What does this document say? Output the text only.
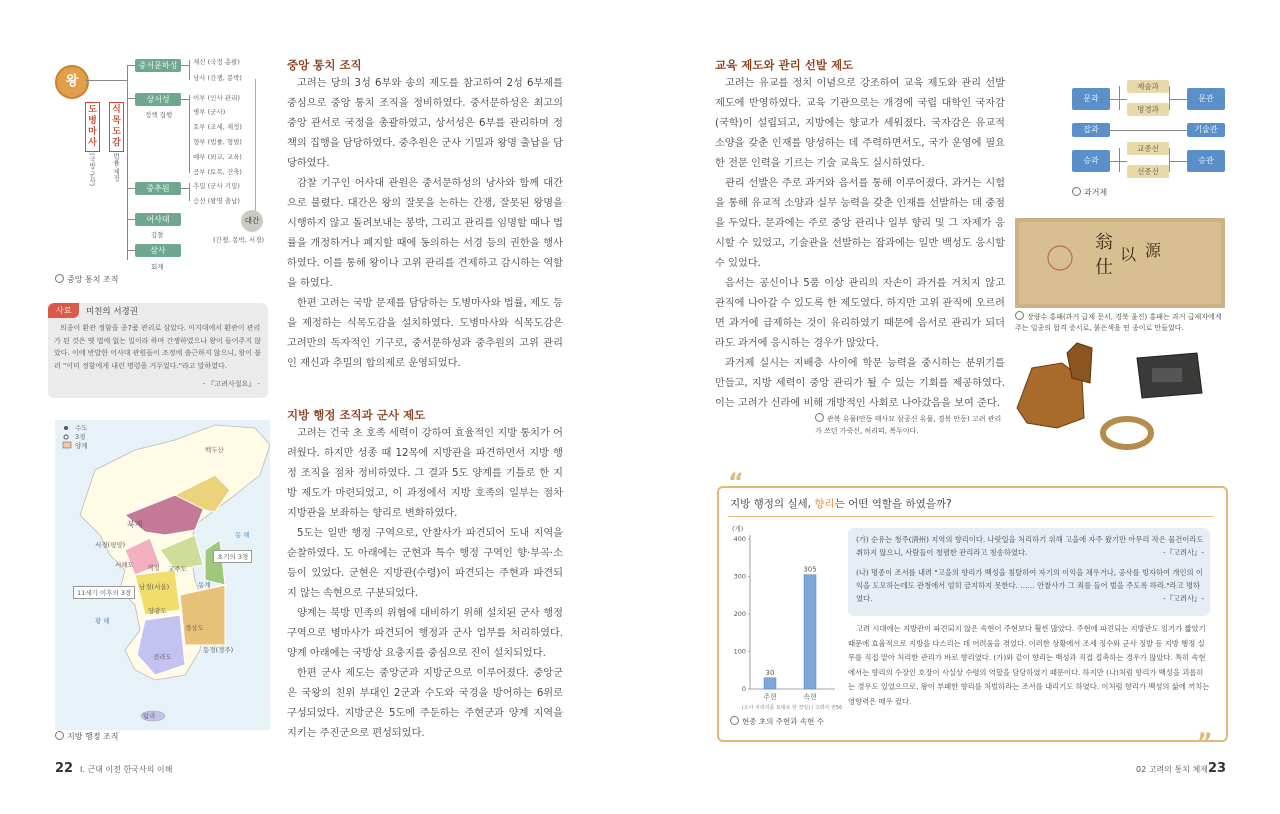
왕
도병마사
식목도감
(국방·군사) 법률·제정
중서문하성
상서성
정책 집행
중추원
어사대
감찰
삼사
회계
재신 (국정 총괄)
낭사 (간쟁, 봉박)
이부 (인사 관리)
병부 (군사)
호부 (조세, 재정)
형부 (법률, 형벌)
예부 (외교, 교육)
공부 (토목, 건축)
추밀 (군사 기밀)
승선 (왕명 출납)
대간
(간쟁, 봉박, 서경)
중앙 통치 조직
사료	미친의 서경권
의종이 환관 정함을 종7품 관리로 삼았다. 이지대에서 환관이 관리가 된 것은 옛 법에 없는 일이라 하며 간쟁하였으나 왕이 들어주지 않았다. 이에 반발한 어사대 관원들이 조정에 출근하지 않으니, 왕이 불러 "이미 정함에게 내린 명령을 거두었다."라고 말하였다.
- 『고려사절요』 -
수도
3경
양계	백두산
북계
동 해
서경(평양)
초기의 3경
서해도 개경 교주도
동계
11세기 이후의 3경
남경(서울)
황 해
양광도
경상도
동경(경주)
전라도
탐라
지방 행정 조직
중앙 통치 조직

고려는 당의 3성 6부와 송의 제도를 참고하여 2성 6부제를 중심으로 중앙 통치 조직을 정비하였다. 중서문하성은 최고의 중앙 관서로 국정을 총괄하였고, 상서성은 6부를 관리하며 정책의 집행을 담당하였다. 중추원은 군사 기밀과 왕명 출납을 담당하였다.

감찰 기구인 어사대 관원은 중서문하성의 낭사와 함께 대간으로 불렸다. 대간은 왕의 잘못을 논하는 간쟁, 잘못된 왕명을 시행하지 않고 돌려보내는 봉박, 그리고 관리를 임명할 때나 법률을 개정하거나 폐지할 때에 동의하는 서경 등의 권한을 행사하였다. 이를 통해 왕이나 고위 관리를 견제하고 감시하는 역할을 하였다.

한편 고려는 국방 문제를 담당하는 도병마사와 법률, 제도 등을 제정하는 식목도감을 설치하였다. 도병마사와 식목도감은 고려만의 독자적인 기구로, 중서문하성과 중추원의 고위 관리인 재신과 추밀의 합의제로 운영되었다.

지방 행정 조직과 군사 제도

고려는 건국 초 호족 세력이 강하여 효율적인 지방 통치가 어려웠다. 하지만 성종 때 12목에 지방관을 파견하면서 지방 행정 조직을 점차 정비하였다. 그 결과 5도 양계를 기틀로 한 지방 제도가 마련되었고, 이 과정에서 지방 호족의 일부는 점차 지방관을 보좌하는 향리로 변화하였다.

5도는 일반 행정 구역으로, 안찰사가 파견되어 도내 지역을 순찰하였다. 도 아래에는 군현과 특수 행정 구역인 향·부곡·소 등이 있었다. 군현은 지방관(수령)이 파견되는 주현과 파견되지 않는 속현으로 구분되었다.

양계는 북방 민족의 위협에 대비하기 위해 설치된 군사 행정 구역으로 병마사가 파견되어 행정과 군사 업무를 처리하였다. 양계 아래에는 국방상 요충지를 중심으로 진이 설치되었다.

한편 군사 제도는 중앙군과 지방군으로 이루어졌다. 중앙군은 국왕의 친위 부대인 2군과 수도와 국경을 방어하는 6위로 구성되었다. 지방군은 5도에 주둔하는 주현군과 양계 지역을 지키는 주진군으로 편성되었다.

22 I. 근대 이전 한국사의 이해
교육 제도와 관리 선발 제도

고려는 유교를 정치 이념으로 강조하여 교육 제도와 관리 선발 제도에 반영하였다. 교육 기관으로는 개경에 국립 대학인 국자감(국학)이 설립되고, 지방에는 향교가 세워졌다. 국자감은 유교적 소양을 갖춘 인재를 양성하는 데 주력하면서도, 국가 운영에 필요한 전문 인력을 기르는 기술 교육도 실시하였다.

관리 선발은 주로 과거와 음서를 통해 이루어졌다. 과거는 시험을 통해 유교적 소양과 실무 능력을 갖춘 인재를 선발하는 데 중점을 두었다. 문과에는 주로 중앙 관리나 일부 향리 및 그 자제가 응시할 수 있었고, 기술관을 선발하는 잡과에는 일반 백성도 응시할 수 있었다.

음서는 공신이나 5품 이상 관리의 자손이 과거를 거치지 않고 관직에 나아갈 수 있도록 한 제도였다. 하지만 고위 관직에 오르려면 과거에 급제하는 것이 유리하였기 때문에 음서로 관리가 되더라도 과거에 응시하는 경우가 많았다.

과거제 실시는 지배층 사이에 학문 능력을 중시하는 분위기를 만들고, 지방 세력이 중앙 관리가 될 수 있는 기회를 제공하였다. 이는 고려가 신라에 비해 개방적인 사회로 나아갔음을 보여 준다.

문과
잡과
승과
제술과
명경과
교종선
선종선
문관
기술관
승관
과거제
翁
仕
以 源
장량수 홍패(과거 급제 문서, 경북 울진) 홍패는 과거 급제자에게 주는 일종의 합격 증서로, 붉은색을 띤 종이로 만들었다.
관복 유물(안동 태사묘 삼공신 유물, 경북 안동) 고려 관리가 쓰던 가죽신, 허리띠, 복두이다.
“
”
지방 행정의 실세, 향리는 어떤 역할을 하였을까?
(개)
0
100
200
300
400
30
주현
305
속현
(오사 지리지를 토대로 한 것임) / 고려사 권56
현종 초의 주현과 속현 수
(가) 순유는 청주(淸州) 지역의 향리이다. 나랏일을 처리하기 위해 고을에 자주 왔기만 아무리 작은 물건이라도 취하지 않으니, 사람들이 청렴한 관리라고 칭송하였다.	-『고려사』-
(나) 명종이 조서를 내려 "고을의 향리가 백성을 침탈하여 자기의 이익을 채우거나, 공사를 빙자하여 개인의 이익을 도모하는데도 관청에서 엄히 금지하지 못한다. …… 안찰사가 그 죄를 들어 벌을 주도록 하라."라고 명하였다.	-『고려사』-
고려 시대에는 지방관이 파견되지 않은 속현이 주현보다 훨씬 많았다. 주현에 파견되는 지방관도 임기가 짧았기 때문에 효율적으로 지방을 다스리는 데 어려움을 겪었다. 이러한 상황에서 조세 징수와 군사 징발 등 지방 행정 실무를 직접 맡아 처리한 관리가 바로 향리였다. (가)와 같이 향리는 백성과 직접 접촉하는 경우가 많았다. 특히 속현에서는 향리의 수장인 호장이 사실상 수령의 역할을 담당하였기 때문이다. 하지만 (나)처럼 향리가 백성을 괴롭히는 경우도 있었으므로, 왕이 부패한 향리를 처벌하라는 조서를 내리기도 하였다. 이처럼 향리가 백성의 삶에 끼치는 영향력은 매우 컸다.
02 고려의 통치 체제 23
